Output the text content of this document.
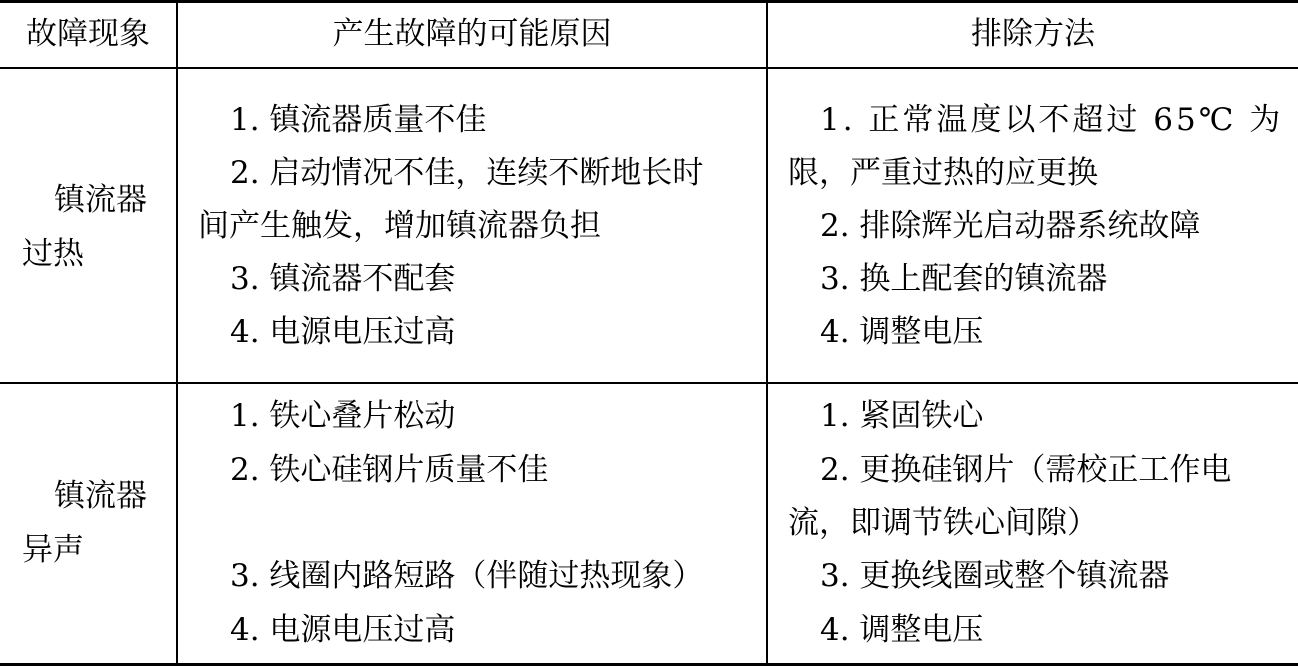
故障现象	产生故障的可能原因	排除方法
镇流器
过热
1. 镇流器质量不佳
2. 启动情况不佳，连续不断地长时
间产生触发，增加镇流器负担
3. 镇流器不配套
4. 电源电压过高
1. 正常温度以不超过 65℃ 为
限，严重过热的应更换
2. 排除辉光启动器系统故障
3. 换上配套的镇流器
4. 调整电压
镇流器
异声
1. 铁心叠片松动
2. 铁心硅钢片质量不佳
3. 线圈内路短路（伴随过热现象）
4. 电源电压过高
1. 紧固铁心
2. 更换硅钢片（需校正工作电
流，即调节铁心间隙）
3. 更换线圈或整个镇流器
4. 调整电压
